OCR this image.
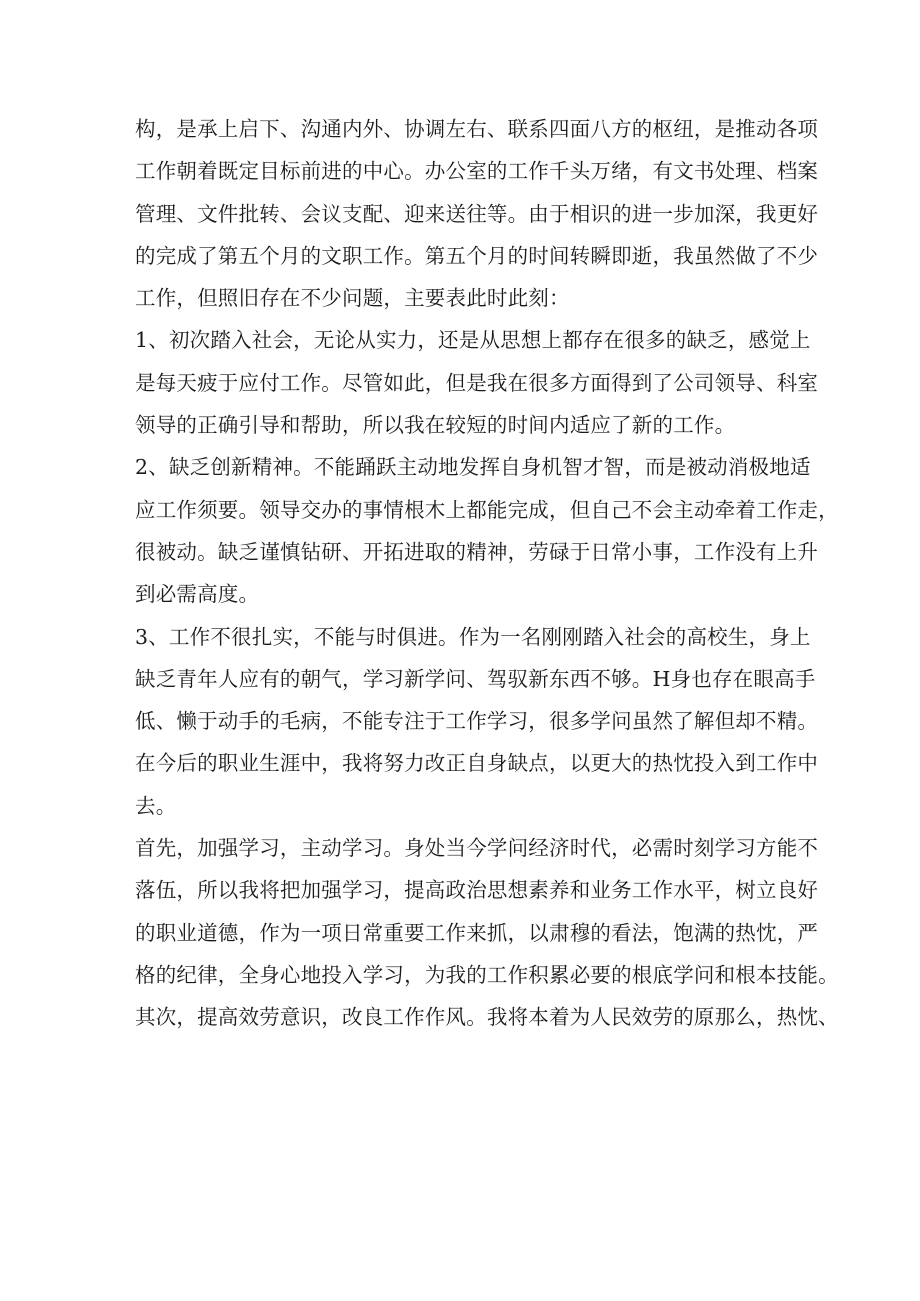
构，是承上启下、沟通内外、协调左右、联系四面八方的枢纽，是推动各项
工作朝着既定目标前进的中心。办公室的工作千头万绪，有文书处理、档案
管理、文件批转、会议支配、迎来送往等。由于相识的进一步加深，我更好
的完成了第五个月的文职工作。第五个月的时间转瞬即逝，我虽然做了不少
工作，但照旧存在不少问题，主要表此时此刻：
1、初次踏入社会，无论从实力，还是从思想上都存在很多的缺乏，感觉上
是每天疲于应付工作。尽管如此，但是我在很多方面得到了公司领导、科室
领导的正确引导和帮助，所以我在较短的时间内适应了新的工作。
2、缺乏创新精神。不能踊跃主动地发挥自身机智才智，而是被动消极地适
应工作须要。领导交办的事情根木上都能完成，但自己不会主动牵着工作走，
很被动。缺乏谨慎钻研、开拓进取的精神，劳碌于日常小事，工作没有上升
到必需高度。
3、工作不很扎实，不能与时俱进。作为一名刚刚踏入社会的高校生，身上
缺乏青年人应有的朝气，学习新学问、驾驭新东西不够。H身也存在眼高手
低、懒于动手的毛病，不能专注于工作学习，很多学问虽然了解但却不精。
在今后的职业生涯中，我将努力改正自身缺点，以更大的热忱投入到工作中
去。
首先，加强学习，主动学习。身处当今学问经济时代，必需时刻学习方能不
落伍，所以我将把加强学习，提高政治思想素养和业务工作水平，树立良好
的职业道德，作为一项日常重要工作来抓，以肃穆的看法，饱满的热忱，严
格的纪律，全身心地投入学习，为我的工作积累必要的根底学问和根本技能。
其次，提高效劳意识，改良工作作风。我将本着为人民效劳的原那么，热忱、
